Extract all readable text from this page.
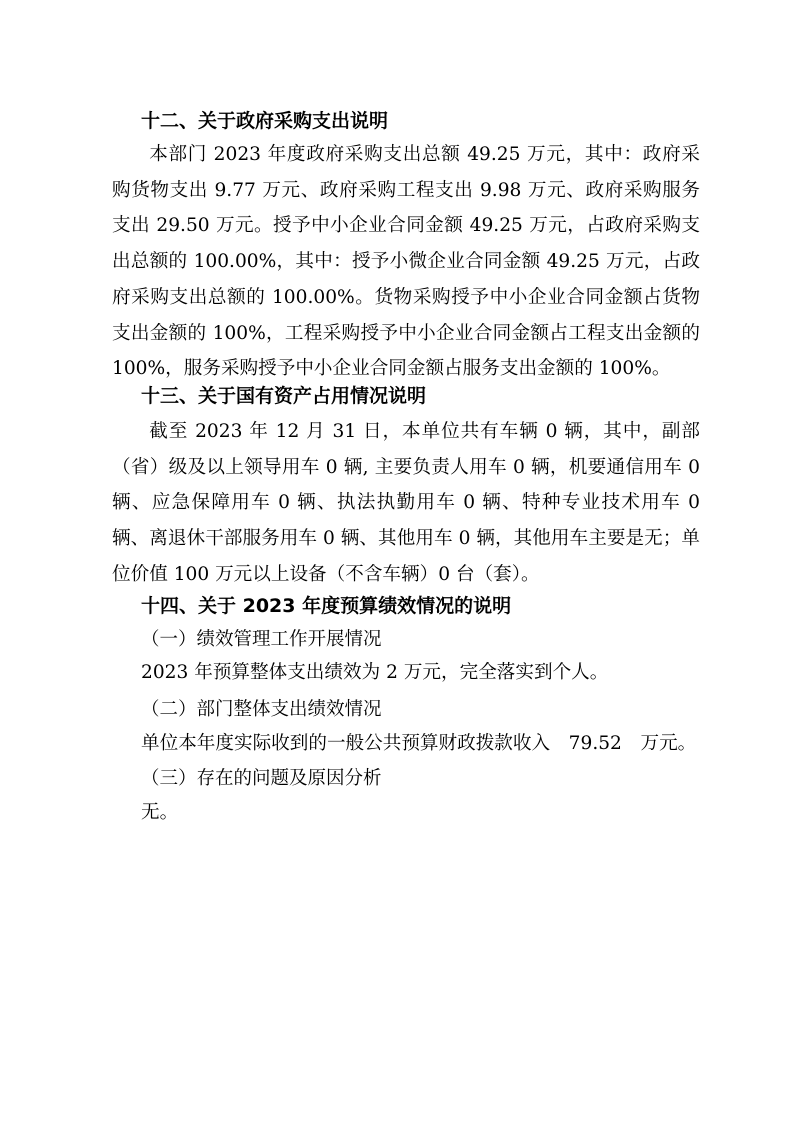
十二、关于政府采购支出说明

本部门 2023 年度政府采购支出总额 49.25 万元，其中：政府采购货物支出 9.77 万元、政府采购工程支出 9.98 万元、政府采购服务支出 29.50 万元。授予中小企业合同金额 49.25 万元，占政府采购支出总额的 100.00%，其中：授予小微企业合同金额 49.25 万元，占政府采购支出总额的 100.00%。货物采购授予中小企业合同金额占货物支出金额的 100%，工程采购授予中小企业合同金额占工程支出金额的 100%，服务采购授予中小企业合同金额占服务支出金额的 100%。

十三、关于国有资产占用情况说明

截至 2023 年 12 月 31 日，本单位共有车辆 0 辆，其中，副部（省）级及以上领导用车 0 辆, 主要负责人用车 0 辆，机要通信用车 0 辆、应急保障用车 0 辆、执法执勤用车 0 辆、特种专业技术用车 0 辆、离退休干部服务用车 0 辆、其他用车 0 辆，其他用车主要是无；单位价值 100 万元以上设备（不含车辆）0 台（套）。

十四、关于 2023 年度预算绩效情况的说明
（一）绩效管理工作开展情况
2023 年预算整体支出绩效为 2 万元，完全落实到个人。
（二）部门整体支出绩效情况
单位本年度实际收到的一般公共预算财政拨款收入　79.52　万元。
（三）存在的问题及原因分析
无。
